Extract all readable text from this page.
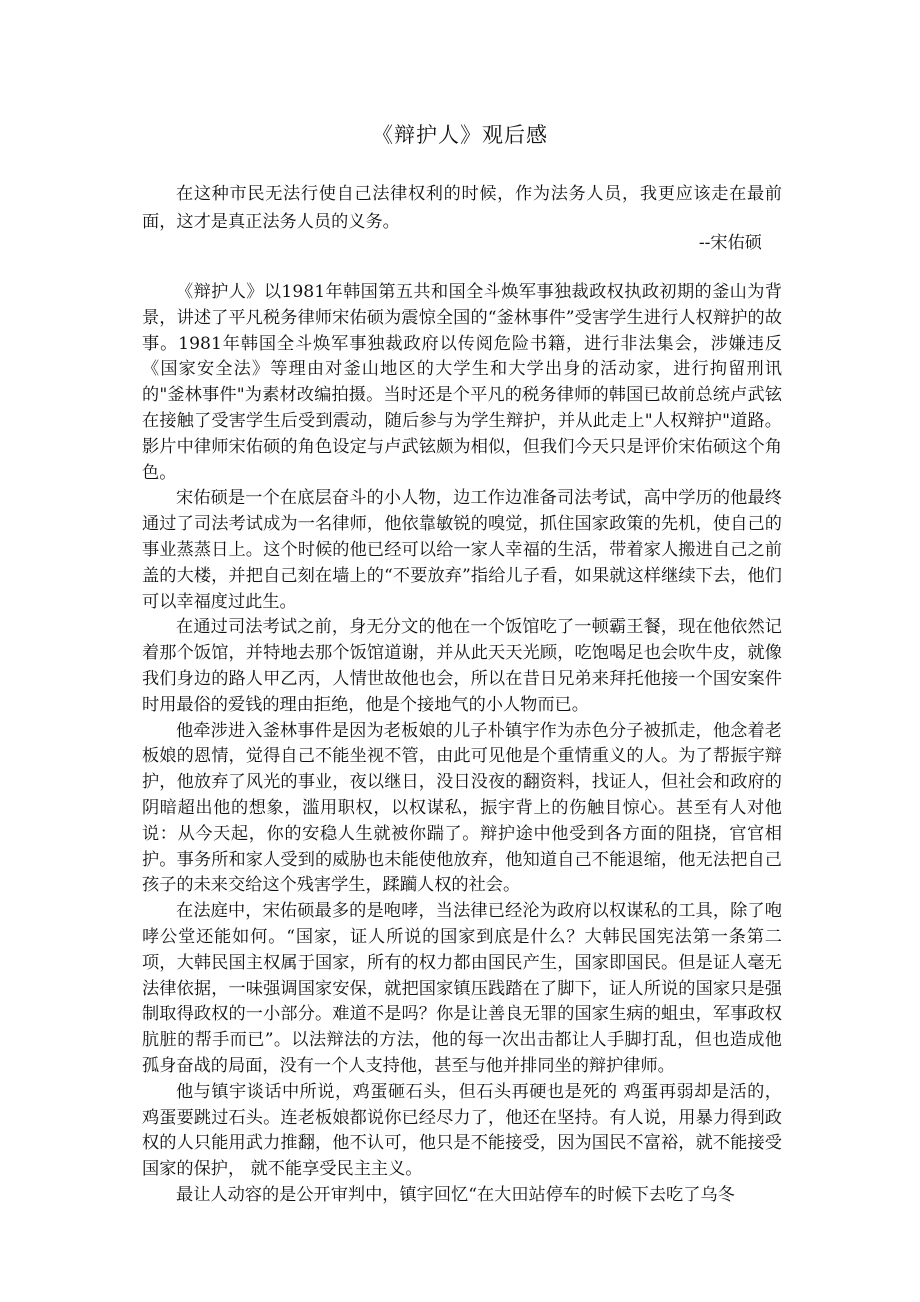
《辩护人》观后感
在这种市民无法行使自己法律权利的时候，作为法务人员，我更应该走在最前面，这才是真正法务人员的义务。
--宋佑硕

《辩护人》以1981年韩国第五共和国全斗焕军事独裁政权执政初期的釜山为背景，讲述了平凡税务律师宋佑硕为震惊全国的“釜林事件”受害学生进行人权辩护的故事。1981年韩国全斗焕军事独裁政府以传阅危险书籍，进行非法集会，涉嫌违反《国家安全法》等理由对釜山地区的大学生和大学出身的活动家，进行拘留刑讯的"釜林事件"为素材改编拍摄。当时还是个平凡的税务律师的韩国已故前总统卢武铉在接触了受害学生后受到震动，随后参与为学生辩护，并从此走上"人权辩护"道路。影片中律师宋佑硕的角色设定与卢武铉颇为相似，但我们今天只是评价宋佑硕这个角色。

宋佑硕是一个在底层奋斗的小人物，边工作边准备司法考试，高中学历的他最终通过了司法考试成为一名律师，他依靠敏锐的嗅觉，抓住国家政策的先机，使自己的事业蒸蒸日上。这个时候的他已经可以给一家人幸福的生活，带着家人搬进自己之前盖的大楼，并把自己刻在墙上的“不要放弃”指给儿子看，如果就这样继续下去，他们可以幸福度过此生。

在通过司法考试之前，身无分文的他在一个饭馆吃了一顿霸王餐，现在他依然记着那个饭馆，并特地去那个饭馆道谢，并从此天天光顾，吃饱喝足也会吹牛皮，就像我们身边的路人甲乙丙，人情世故他也会，所以在昔日兄弟来拜托他接一个国安案件时用最俗的爱钱的理由拒绝，他是个接地气的小人物而已。

他牵涉进入釜林事件是因为老板娘的儿子朴镇宇作为赤色分子被抓走，他念着老板娘的恩情，觉得自己不能坐视不管，由此可见他是个重情重义的人。为了帮振宇辩护，他放弃了风光的事业，夜以继日，没日没夜的翻资料，找证人，但社会和政府的阴暗超出他的想象，滥用职权，以权谋私，振宇背上的伤触目惊心。甚至有人对他说：从今天起，你的安稳人生就被你踹了。辩护途中他受到各方面的阻挠，官官相护。事务所和家人受到的威胁也未能使他放弃，他知道自己不能退缩，他无法把自己孩子的未来交给这个残害学生，蹂躏人权的社会。

在法庭中，宋佑硕最多的是咆哮，当法律已经沦为政府以权谋私的工具，除了咆哮公堂还能如何。“国家，证人所说的国家到底是什么？大韩民国宪法第一条第二项，大韩民国主权属于国家，所有的权力都由国民产生，国家即国民。但是证人毫无法律依据，一味强调国家安保，就把国家镇压践踏在了脚下，证人所说的国家只是强制取得政权的一小部分。难道不是吗？你是让善良无罪的国家生病的蛆虫，军事政权肮脏的帮手而已”。以法辩法的方法，他的每一次出击都让人手脚打乱，但也造成他孤身奋战的局面，没有一个人支持他，甚至与他并排同坐的辩护律师。

他与镇宇谈话中所说，鸡蛋砸石头，但石头再硬也是死的 鸡蛋再弱却是活的，鸡蛋要跳过石头。连老板娘都说你已经尽力了，他还在坚持。有人说，用暴力得到政权的人只能用武力推翻，他不认可，他只是不能接受，因为国民不富裕，就不能接受国家的保护， 就不能享受民主主义。

最让人动容的是公开审判中，镇宇回忆“在大田站停车的时候下去吃了乌冬
